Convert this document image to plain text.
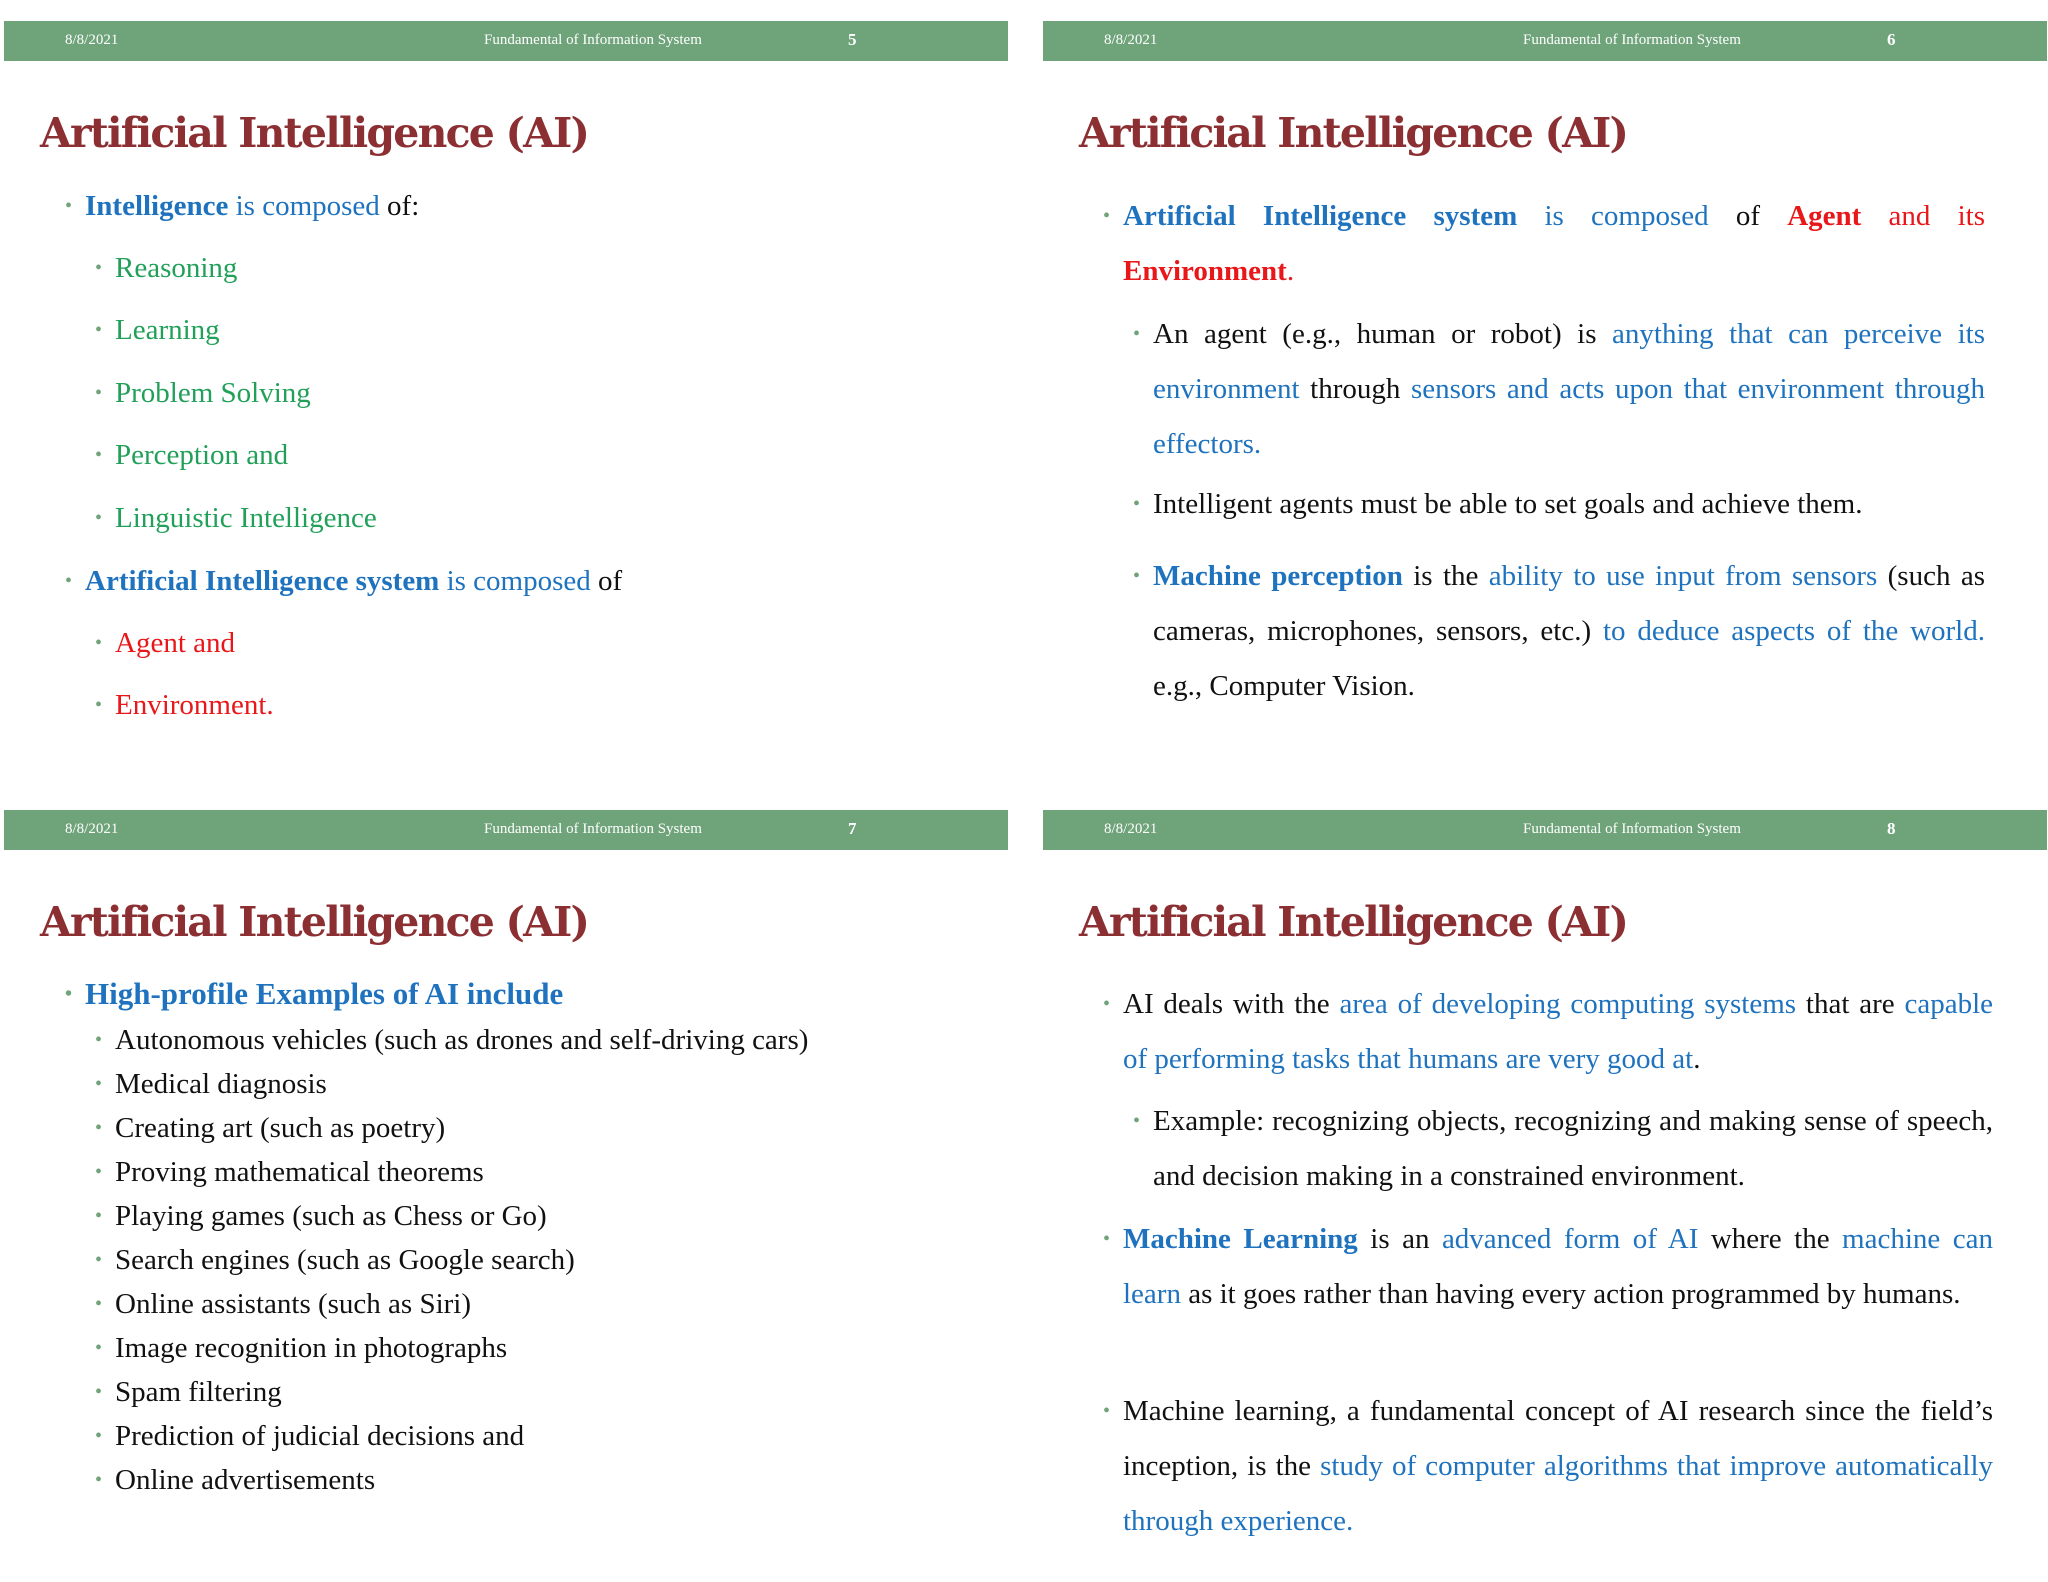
8/8/2021	Fundamental of Information System	5
Artificial Intelligence (AI)
• Intelligence is composed of:
• Reasoning
• Learning
• Problem Solving
• Perception and
• Linguistic Intelligence
• Artificial Intelligence system is composed of
• Agent and
• Environment.
8/8/2021	Fundamental of Information System	6
Artificial Intelligence (AI)
• Artificial Intelligence system is composed of Agent and its Environment.
• An agent (e.g., human or robot) is anything that can perceive its environment through sensors and acts upon that environment through effectors.
• Intelligent agents must be able to set goals and achieve them.
• Machine perception is the ability to use input from sensors (such as cameras, microphones, sensors, etc.) to deduce aspects of the world. e.g., Computer Vision.
8/8/2021	Fundamental of Information System	7
Artificial Intelligence (AI)
• High-profile Examples of AI include
• Autonomous vehicles (such as drones and self-driving cars)
• Medical diagnosis
• Creating art (such as poetry)
• Proving mathematical theorems
• Playing games (such as Chess or Go)
• Search engines (such as Google search)
• Online assistants (such as Siri)
• Image recognition in photographs
• Spam filtering
• Prediction of judicial decisions and
• Online advertisements
8/8/2021	Fundamental of Information System	8
Artificial Intelligence (AI)
• AI deals with the area of developing computing systems that are capable of performing tasks that humans are very good at.
• Example: recognizing objects, recognizing and making sense of speech, and decision making in a constrained environment.
• Machine Learning is an advanced form of AI where the machine can learn as it goes rather than having every action programmed by humans.
• Machine learning, a fundamental concept of AI research since the field’s inception, is the study of computer algorithms that improve automatically through experience.
